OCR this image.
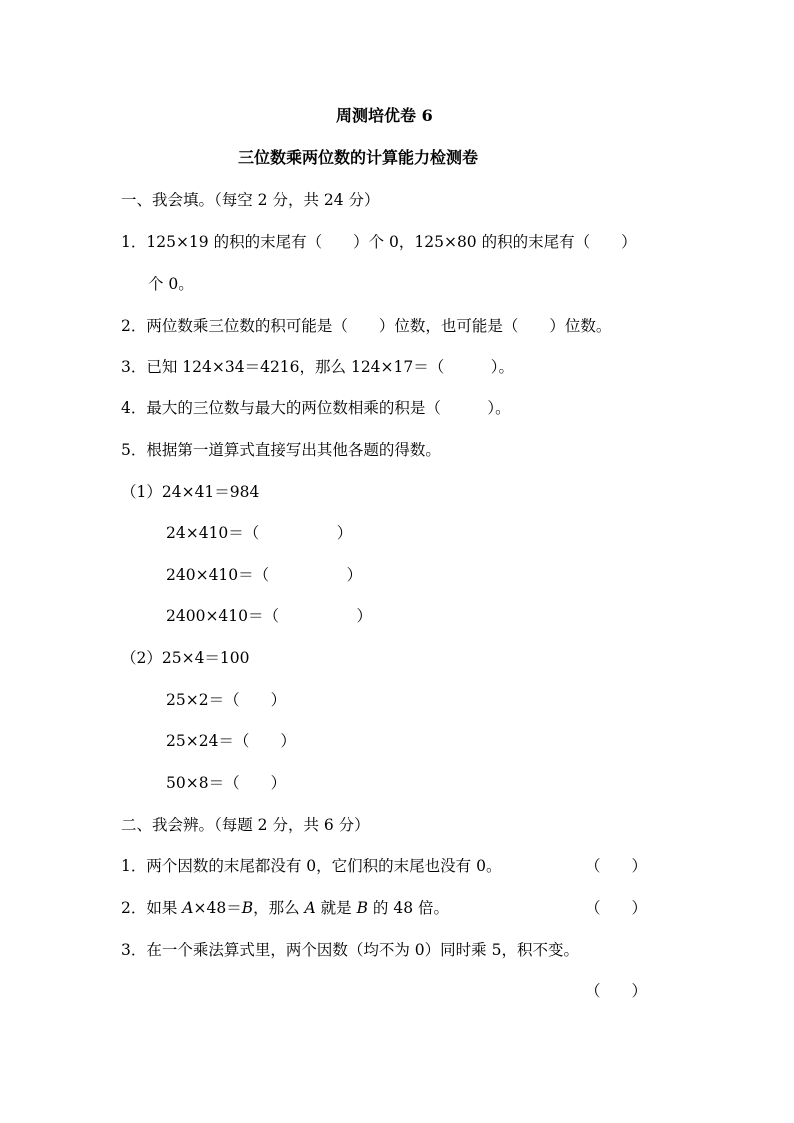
周测培优卷 6
三位数乘两位数的计算能力检测卷
一、我会填。（每空 2 分，共 24 分）
1．125×19 的积的末尾有（　　）个 0，125×80 的积的末尾有（　　）
个 0。
2．两位数乘三位数的积可能是（　　）位数，也可能是（　　）位数。
3．已知 124×34＝4216，那么 124×17＝（　　　）。
4．最大的三位数与最大的两位数相乘的积是（　　　）。
5．根据第一道算式直接写出其他各题的得数。
（1）24×41＝984
24×410＝（　　　　　）
240×410＝（　　　　　）
2400×410＝（　　　　　）
（2）25×4＝100
25×2＝（　　）
25×24＝（　　）
50×8＝（　　）
二、我会辨。（每题 2 分，共 6 分）
1．两个因数的末尾都没有 0，它们积的末尾也没有 0。	（　　）
2．如果 A×48＝B，那么 A 就是 B 的 48 倍。	（　　）
3．在一个乘法算式里，两个因数（均不为 0）同时乘 5，积不变。
（　　）
